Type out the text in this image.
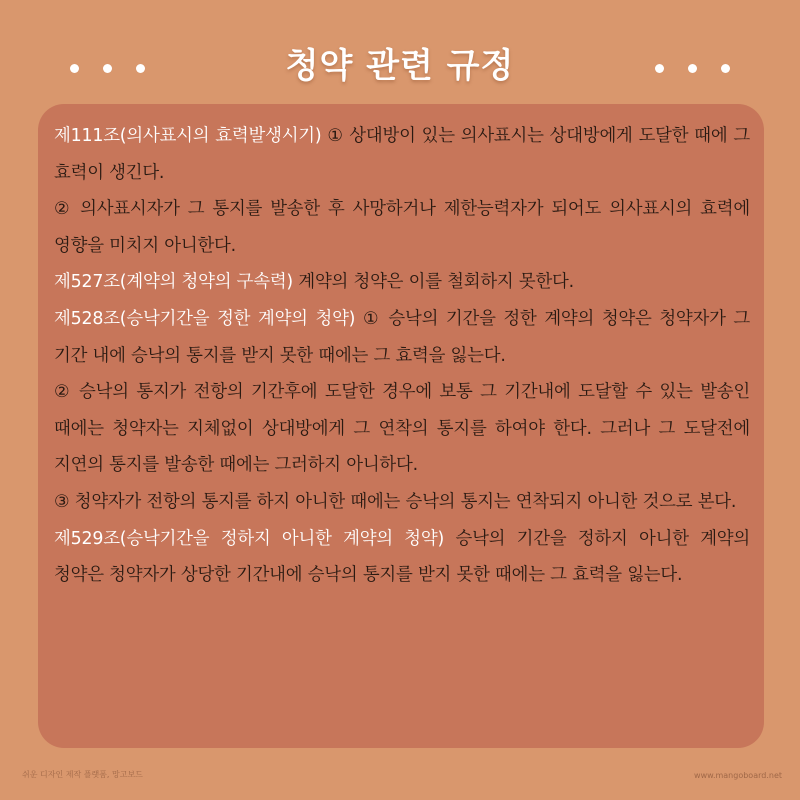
청약 관련 규정

제111조(의사표시의 효력발생시기) ① 상대방이 있는 의사표시는 상대방에게 도달한 때에 그 효력이 생긴다.

② 의사표시자가 그 통지를 발송한 후 사망하거나 제한능력자가 되어도 의사표시의 효력에 영향을 미치지 아니한다.

제527조(계약의 청약의 구속력) 계약의 청약은 이를 철회하지 못한다.

제528조(승낙기간을 정한 계약의 청약) ① 승낙의 기간을 정한 계약의 청약은 청약자가 그 기간 내에 승낙의 통지를 받지 못한 때에는 그 효력을 잃는다.

② 승낙의 통지가 전항의 기간후에 도달한 경우에 보통 그 기간내에 도달할 수 있는 발송인 때에는 청약자는 지체없이 상대방에게 그 연착의 통지를 하여야 한다. 그러나 그 도달전에 지연의 통지를 발송한 때에는 그러하지 아니하다.

③ 청약자가 전항의 통지를 하지 아니한 때에는 승낙의 통지는 연착되지 아니한 것으로 본다.

제529조(승낙기간을 정하지 아니한 계약의 청약) 승낙의 기간을 정하지 아니한 계약의 청약은 청약자가 상당한 기간내에 승낙의 통지를 받지 못한 때에는 그 효력을 잃는다.

쉬운 디자인 제작 플랫폼, 망고보드	www.mangoboard.net
